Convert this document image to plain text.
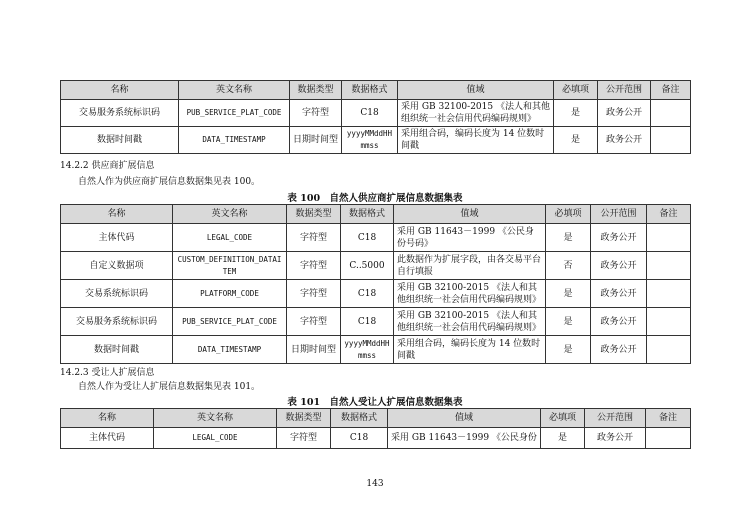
名称	英文名称	数据类型	数据格式	值域	必填项	公开范围	备注
交易服务系统标识码	PUB_SERVICE_PLAT_CODE	字符型	C18	采用 GB 32100-2015 《法人和其他组织统一社会信用代码编码规则》	是	政务公开	
数据时间戳	DATA_TIMESTAMP	日期时间型	yyyyMMddHHmmss	采用组合码，编码长度为 14 位数时间戳	是	政务公开	
14.2.2 供应商扩展信息
自然人作为供应商扩展信息数据集见表 100。
表 100　自然人供应商扩展信息数据集表
名称	英文名称	数据类型	数据格式	值域	必填项	公开范围	备注
主体代码	LEGAL_CODE	字符型	C18	采用 GB 11643－1999 《公民身份号码》	是	政务公开	
自定义数据项	CUSTOM_DEFINITION_DATAITEM	字符型	C..5000	此数据作为扩展字段，由各交易平台自行填报	否	政务公开	
交易系统标识码	PLATFORM_CODE	字符型	C18	采用 GB 32100-2015 《法人和其他组织统一社会信用代码编码规则》	是	政务公开	
交易服务系统标识码	PUB_SERVICE_PLAT_CODE	字符型	C18	采用 GB 32100-2015 《法人和其他组织统一社会信用代码编码规则》	是	政务公开	
数据时间戳	DATA_TIMESTAMP	日期时间型	yyyyMMddHHmmss	采用组合码，编码长度为 14 位数时间戳	是	政务公开	
14.2.3 受让人扩展信息
自然人作为受让人扩展信息数据集见表 101。
表 101　自然人受让人扩展信息数据集表
名称	英文名称	数据类型	数据格式	值域	必填项	公开范围	备注
主体代码	LEGAL_CODE	字符型	C18	采用 GB 11643－1999 《公民身份	是	政务公开	
143
